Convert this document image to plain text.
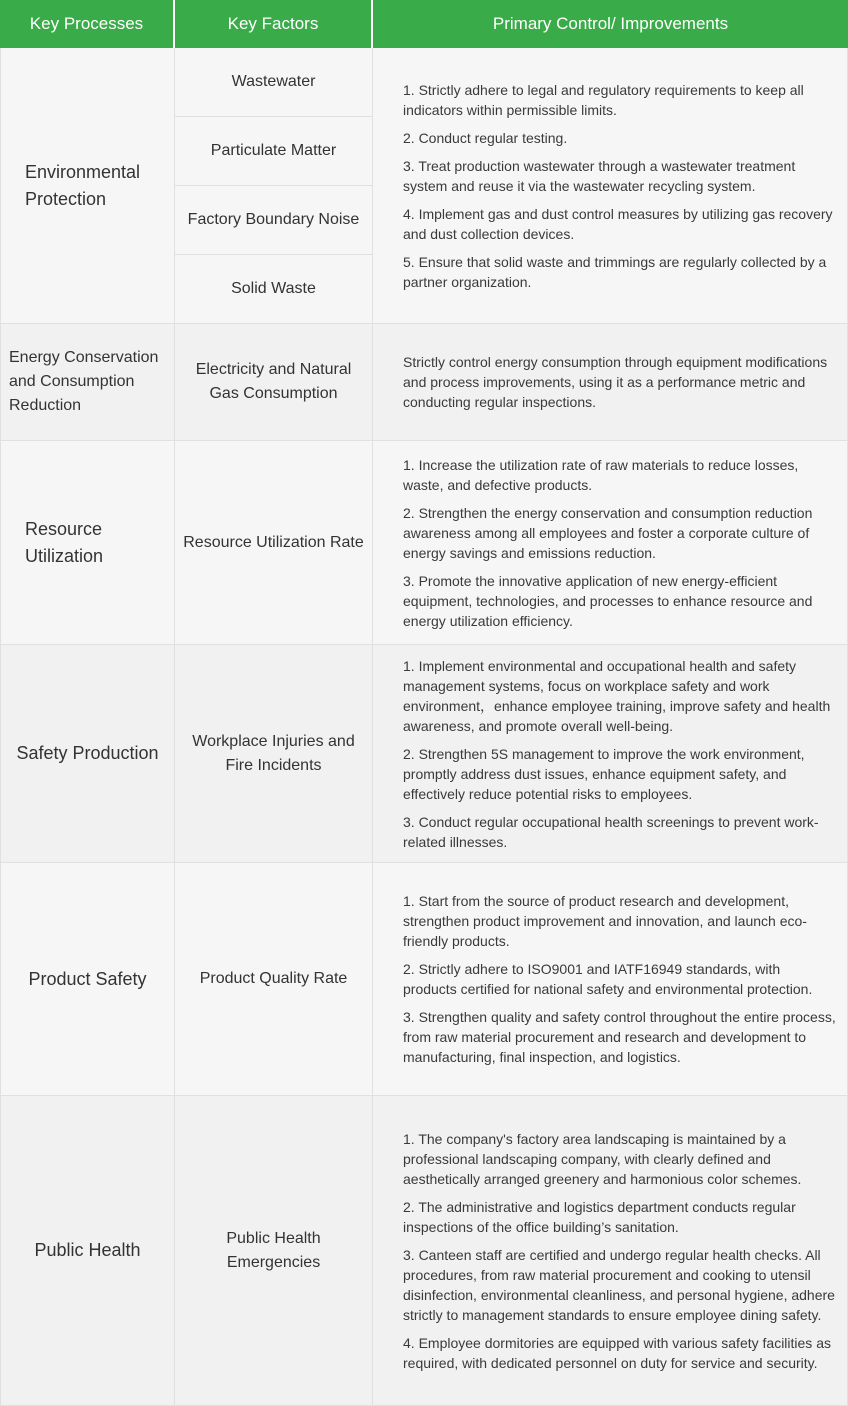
Key Processes	Key Factors	Primary Control/ Improvements
Environmental Protection	Wastewater	1. Strictly adhere to legal and regulatory requirements to keep all indicators within permissible limits.

2. Conduct regular testing.

3. Treat production wastewater through a wastewater treatment system and reuse it via the wastewater recycling system.

4. Implement gas and dust control measures by utilizing gas recovery and dust collection devices.

5. Ensure that solid waste and trimmings are regularly collected by a partner organization.

	Particulate Matter	
	Factory Boundary Noise	
	Solid Waste	
Energy Conservation and Consumption Reduction	Electricity and Natural Gas Consumption	Strictly control energy consumption through equipment modifications and process improvements, using it as a performance metric and conducting regular inspections.

Resource Utilization	Resource Utilization Rate	1. Increase the utilization rate of raw materials to reduce losses, waste, and defective products.

2. Strengthen the energy conservation and consumption reduction awareness among all employees and foster a corporate culture of energy savings and emissions reduction.

3. Promote the innovative application of new energy-efficient equipment, technologies, and processes to enhance resource and energy utilization efficiency.

Safety Production	Workplace Injuries and Fire Incidents	1. Implement environmental and occupational health and safety management systems, focus on workplace safety and work environment，enhance employee training, improve safety and health awareness, and promote overall well-being.

2. Strengthen 5S management to improve the work environment, promptly address dust issues, enhance equipment safety, and effectively reduce potential risks to employees.

3. Conduct regular occupational health screenings to prevent work-related illnesses.

Product Safety	Product Quality Rate	1. Start from the source of product research and development, strengthen product improvement and innovation, and launch eco-friendly products.

2. Strictly adhere to ISO9001 and IATF16949 standards, with products certified for national safety and environmental protection.

3. Strengthen quality and safety control throughout the entire process, from raw material procurement and research and development to manufacturing, final inspection, and logistics.

Public Health	Public Health Emergencies	1. The company's factory area landscaping is maintained by a professional landscaping company, with clearly defined and aesthetically arranged greenery and harmonious color schemes.

2. The administrative and logistics department conducts regular inspections of the office building’s sanitation.

3. Canteen staff are certified and undergo regular health checks. All procedures, from raw material procurement and cooking to utensil disinfection, environmental cleanliness, and personal hygiene, adhere strictly to management standards to ensure employee dining safety.

4. Employee dormitories are equipped with various safety facilities as required, with dedicated personnel on duty for service and security.
